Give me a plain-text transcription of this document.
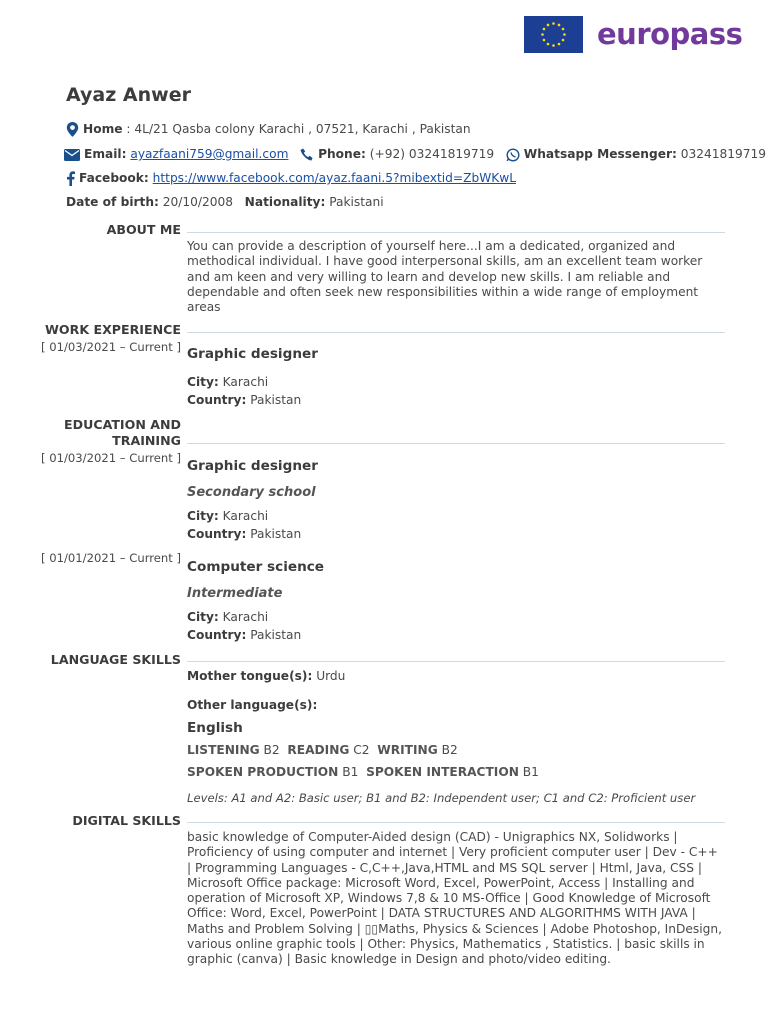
europass
Ayaz Anwer
Home : 4L/21 Qasba colony Karachi , 07521, Karachi , Pakistan
Email: ayazfaani759@gmail.com Phone: (+92) 03241819719 Whatsapp Messenger: 03241819719
Facebook: https://www.facebook.com/ayaz.faani.5?mibextid=ZbWKwL
Date of birth: 20/10/2008 Nationality: Pakistani
ABOUT ME
You can provide a description of yourself here...I am a dedicated, organized and methodical individual. I have good interpersonal skills, am an excellent team worker and am keen and very willing to learn and develop new skills. I am reliable and dependable and often seek new responsibilities within a wide range of employment areas
WORK EXPERIENCE
[ 01/03/2021 – Current ] Graphic designer
City: Karachi
Country: Pakistan
EDUCATION AND
TRAINING
[ 01/03/2021 – Current ] Graphic designer
Secondary school
City: Karachi
Country: Pakistan
[ 01/01/2021 – Current ]
Computer science
Intermediate
City: Karachi
Country: Pakistan
LANGUAGE SKILLS
Mother tongue(s): Urdu
Other language(s):
English
LISTENING B2 READING C2 WRITING B2
SPOKEN PRODUCTION B1 SPOKEN INTERACTION B1
Levels: A1 and A2: Basic user; B1 and B2: Independent user; C1 and C2: Proficient user
DIGITAL SKILLS
basic knowledge of Computer-Aided design (CAD) - Unigraphics NX, Solidworks | Proficiency of using computer and internet | Very proficient computer user | Dev - C++ | Programming Languages - C,C++,Java,HTML and MS SQL server | Html, Java, CSS | Microsoft Office package: Microsoft Word, Excel, PowerPoint, Access | Installing and operation of Microsoft XP, Windows 7,8 & 10 MS-Office | Good Knowledge of Microsoft Office: Word, Excel, PowerPoint | DATA STRUCTURES AND ALGORITHMS WITH JAVA | Maths and Problem Solving | ▯▯Maths, Physics & Sciences | Adobe Photoshop, InDesign, various online graphic tools | Other: Physics, Mathematics , Statistics. | basic skills in graphic (canva) | Basic knowledge in Design and photo/video editing.
